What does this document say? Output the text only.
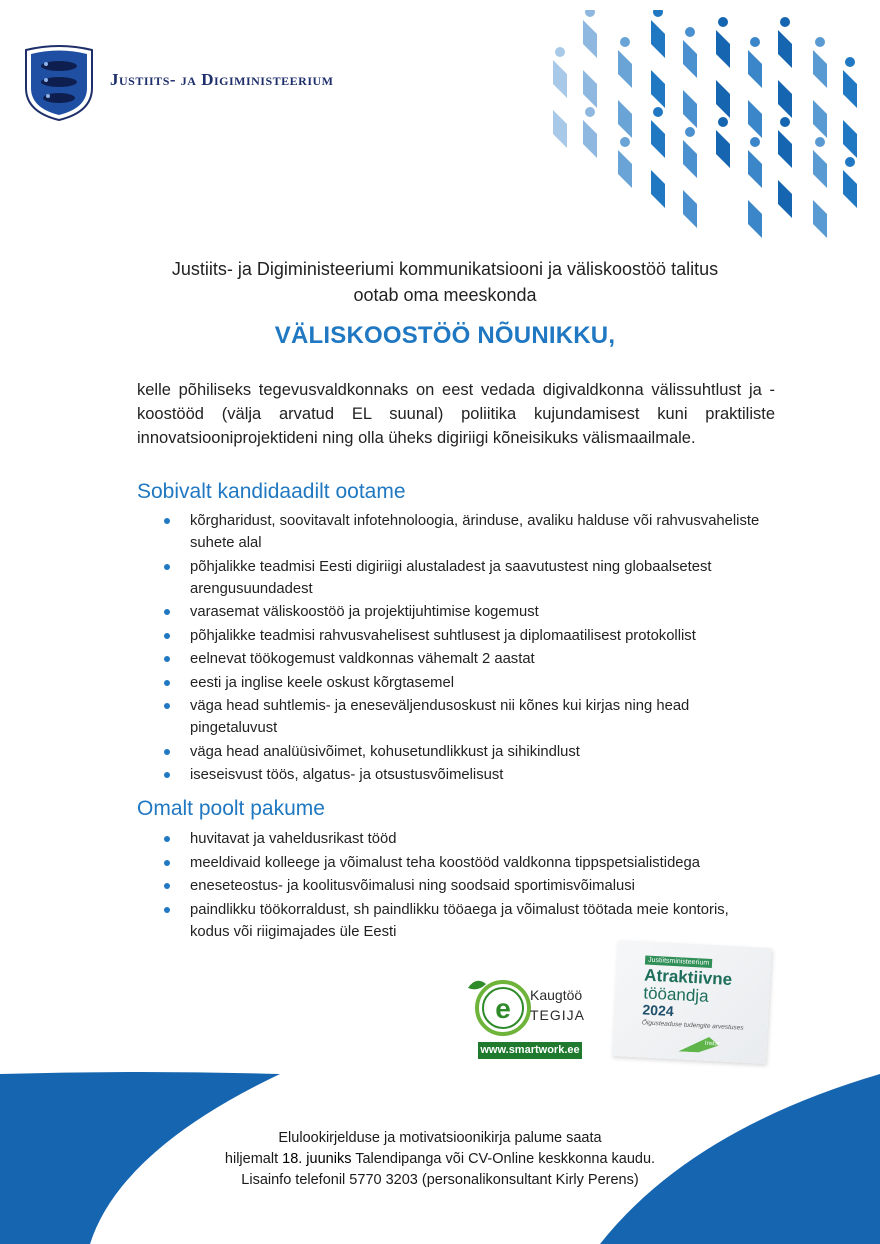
Justiits- ja Digiministeerium
Justiits- ja Digiministeeriumi kommunikatsiooni ja väliskoostöö talitus
ootab oma meeskonda
VÄLISKOOSTÖÖ NÕUNIKKU,
kelle põhiliseks tegevusvaldkonnaks on eest vedada digivaldkonna välissuhtlust ja -koostööd (välja arvatud EL suunal) poliitika kujundamisest kuni praktiliste innovatsiooniprojektideni ning olla üheks digiriigi kõneisikuks välismaailmale.
Sobivalt kandidaadilt ootame
kõrgharidust, soovitavalt infotehnoloogia, ärinduse, avaliku halduse või rahvusvaheliste suhete alal
põhjalikke teadmisi Eesti digiriigi alustaladest ja saavutustest ning globaalsetest arengusuundadest
varasemat väliskoostöö ja projektijuhtimise kogemust
põhjalikke teadmisi rahvusvahelisest suhtlusest ja diplomaatilisest protokollist
eelnevat töökogemust valdkonnas vähemalt 2 aastat
eesti ja inglise keele oskust kõrgtasemel
väga head suhtlemis- ja eneseväljendusoskust nii kõnes kui kirjas ning head pingetaluvust
väga head analüüsivõimet, kohusetundlikkust ja sihikindlust
iseseisvust töös, algatus- ja otsustusvõimelisust
Omalt poolt pakume
huvitavat ja vaheldusrikast tööd
meeldivaid kolleege ja võimalust teha koostööd valdkonna tippspetsialistidega
eneseteostus- ja koolitusvõimalusi ning soodsaid sportimisvõimalusi
paindlikku töökorraldust, sh paindlikku tööaega ja võimalust töötada meie kontoris, kodus või riigimajades üle Eesti
e Kaugtöö
TEGIJA
www.smartwork.ee
Justiitsministeerium
Atraktiivne
tööandja
2024
Õigusteaduse tudengite arvestuses
Instar
Elulookirjelduse ja motivatsioonikirja palume saata
hiljemalt 18. juuniks Talendipanga või CV-Online keskkonna kaudu.
Lisainfo telefonil 5770 3203 (personalikonsultant Kirly Perens)
